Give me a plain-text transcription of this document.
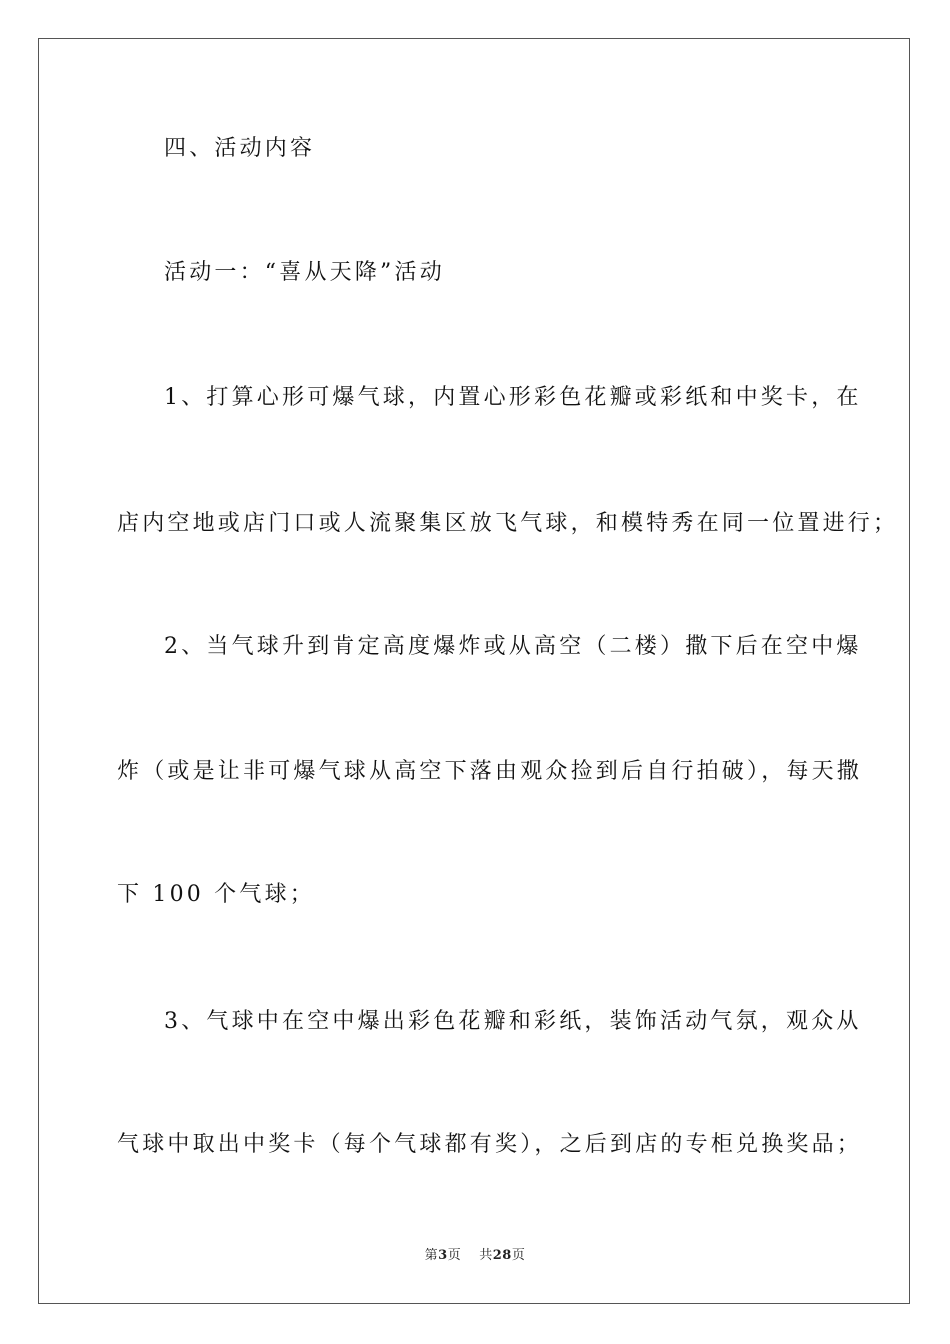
四、活动内容
活动一：“喜从天降”活动
1、打算心形可爆气球，内置心形彩色花瓣或彩纸和中奖卡，在
店内空地或店门口或人流聚集区放飞气球，和模特秀在同一位置进行；
2、当气球升到肯定高度爆炸或从高空（二楼）撒下后在空中爆
炸（或是让非可爆气球从高空下落由观众捡到后自行拍破），每天撒
下 100 个气球；
3、气球中在空中爆出彩色花瓣和彩纸，装饰活动气氛，观众从
气球中取出中奖卡（每个气球都有奖），之后到店的专柜兑换奖品；
第3页 共28页
